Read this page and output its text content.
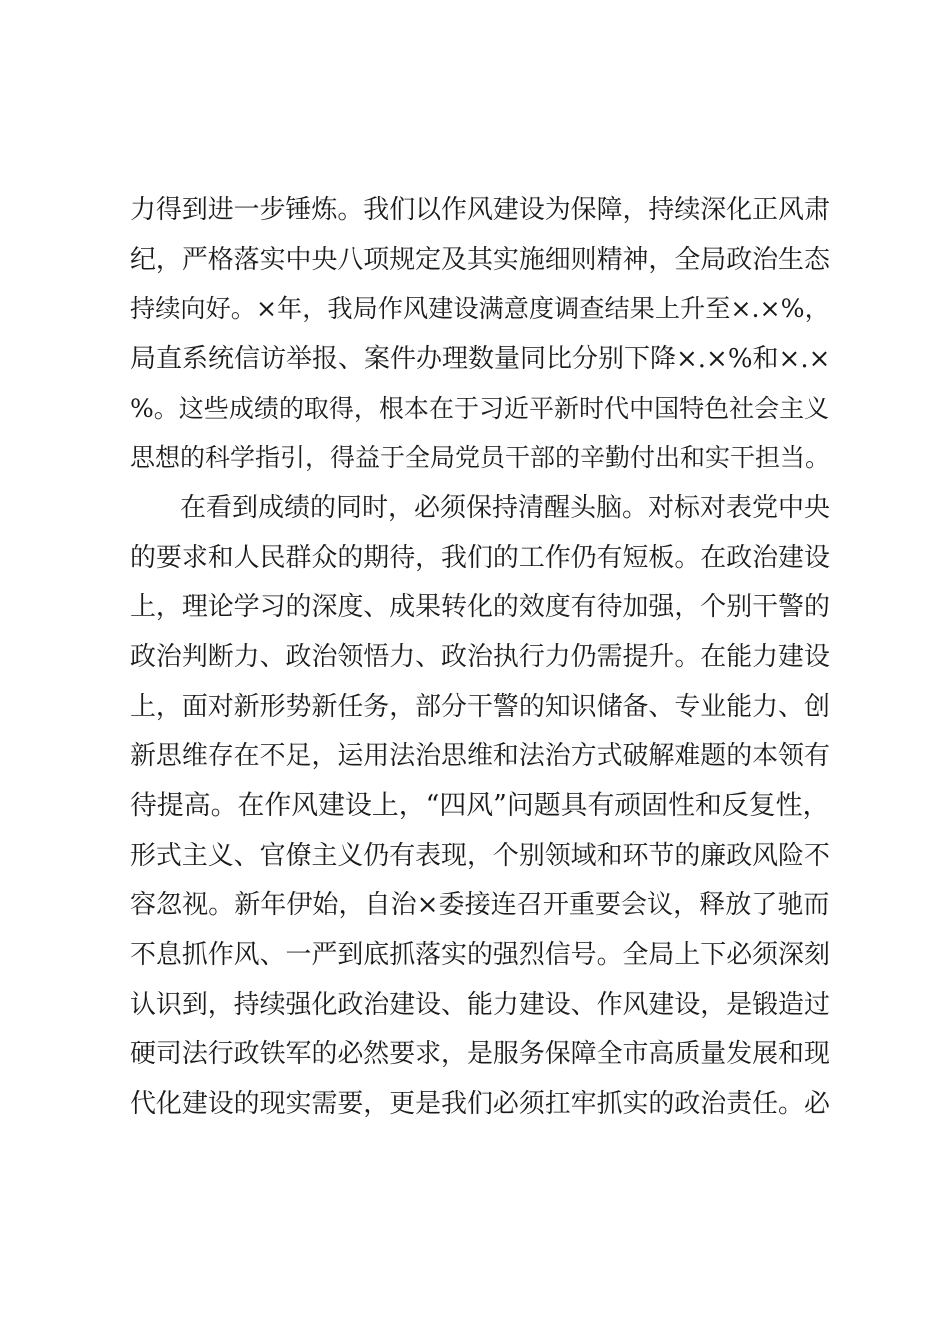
力得到进一步锤炼。我们以作风建设为保障，持续深化正风肃
纪，严格落实中央八项规定及其实施细则精神，全局政治生态
持续向好。×年，我局作风建设满意度调查结果上升至×.×%，
局直系统信访举报、案件办理数量同比分别下降×.×%和×.×
%。这些成绩的取得，根本在于习近平新时代中国特色社会主义
思想的科学指引，得益于全局党员干部的辛勤付出和实干担当。
在看到成绩的同时，必须保持清醒头脑。对标对表党中央
的要求和人民群众的期待，我们的工作仍有短板。在政治建设
上，理论学习的深度、成果转化的效度有待加强，个别干警的
政治判断力、政治领悟力、政治执行力仍需提升。在能力建设
上，面对新形势新任务，部分干警的知识储备、专业能力、创
新思维存在不足，运用法治思维和法治方式破解难题的本领有
待提高。在作风建设上，“四风”问题具有顽固性和反复性，
形式主义、官僚主义仍有表现，个别领域和环节的廉政风险不
容忽视。新年伊始，自治×委接连召开重要会议，释放了驰而
不息抓作风、一严到底抓落实的强烈信号。全局上下必须深刻
认识到，持续强化政治建设、能力建设、作风建设，是锻造过
硬司法行政铁军的必然要求，是服务保障全市高质量发展和现
代化建设的现实需要，更是我们必须扛牢抓实的政治责任。必
